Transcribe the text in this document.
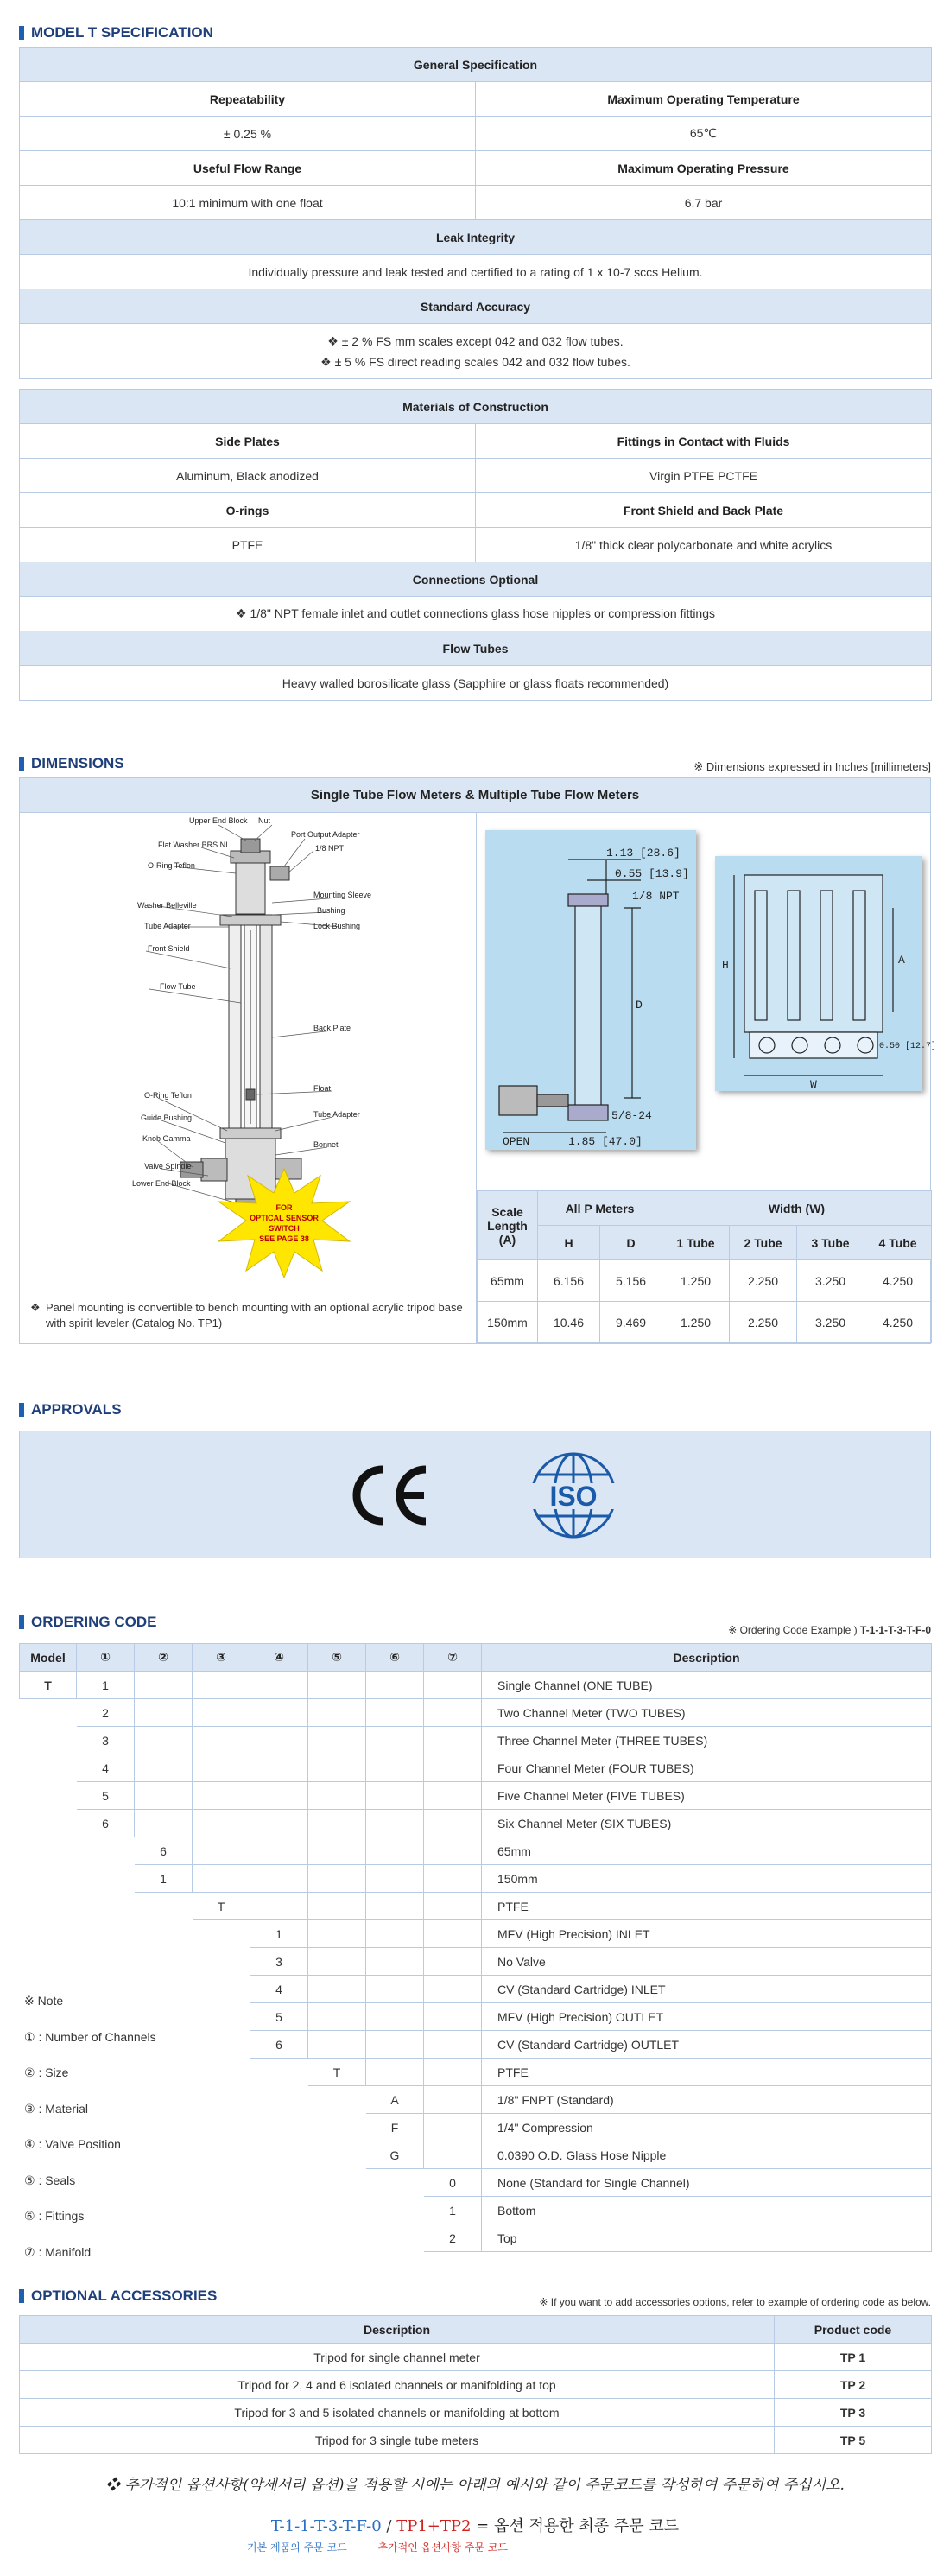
MODEL T SPECIFICATION
General Specification	
Repeatability	Maximum Operating Temperature
± 0.25 %	65℃
Useful Flow Range	Maximum Operating Pressure
10:1 minimum with one float	6.7 bar
Leak Integrity	
Individually pressure and leak tested and certified to a rating of 1 x 10-7 sccs Helium.	
Standard Accuracy	

❖ ± 2 % FS mm scales except 042 and 032 flow tubes.
❖ ± 5 % FS direct reading scales 042 and 032 flow tubes.	
Materials of Construction	
Side Plates	Fittings in Contact with Fluids
Aluminum, Black anodized	Virgin PTFE PCTFE
O-rings	Front Shield and Back Plate
PTFE	1/8" thick clear polycarbonate and white acrylics
Connections Optional	
❖ 1/8" NPT female inlet and outlet connections glass hose nipples or compression fittings	
Flow Tubes	
Heavy walled borosilicate glass (Sapphire or glass floats recommended)	
DIMENSIONS	※ Dimensions expressed in Inches [millimeters]
Single Tube Flow Meters & Multiple Tube Flow Meters
Upper End Block
Flat Washer BRS NI
O-Ring Teflon
Washer Belleville
Tube Adapter
Front Shield
Flow Tube
O-Ring Teflon
Guide Bushing
Knob Gamma
Valve Spindle
Lower End Block
Nut
Port Output Adapter
1/8 NPT
Mounting Sleeve
Bushing
Lock Bushing
Back Plate
Float
Tube Adapter
Bonnet
FOR
OPTICAL SENSOR
SWITCH
SEE PAGE 38
❖ Panel mounting is convertible to bench mounting with an optional acrylic tripod base with spirit leveler (Catalog No. TP1)
1.13 [28.6]
0.55 [13.9]
1/8 NPT
D
5/8-24
OPEN	1.85 [47.0]
H	A
0.50 [12.7]
W
Scale Length (A)	All P Meters		Width (W)			
	H	D	1 Tube	2 Tube	3 Tube	4 Tube
65mm	6.156	5.156	1.250	2.250	3.250	4.250
150mm	10.46	9.469	1.250	2.250	3.250	4.250
APPROVALS
CE
ISO
ORDERING CODE	※ Ordering Code Example ) T-1-1-T-3-T-F-0
Model	①	②	③	④	⑤	⑥	⑦	Description
T	1							Single Channel (ONE TUBE)
	2							Two Channel Meter (TWO TUBES)
	3							Three Channel Meter (THREE TUBES)
	4							Four Channel Meter (FOUR TUBES)
	5							Five Channel Meter (FIVE TUBES)
	6							Six Channel Meter (SIX TUBES)
		6						65mm
		1						150mm
			T					PTFE
				1				MFV (High Precision) INLET
				3				No Valve
				4				CV (Standard Cartridge) INLET
				5				MFV (High Precision) OUTLET
				6				CV (Standard Cartridge) OUTLET
					T			PTFE
						A		1/8" FNPT (Standard)
						F		1/4" Compression
						G		0.0390 O.D. Glass Hose Nipple
							0	None (Standard for Single Channel)
							1	Bottom
							2	Top
※ Note
① : Number of Channels
② : Size
③ : Material
④ : Valve Position
⑤ : Seals
⑥ : Fittings
⑦ : Manifold
OPTIONAL ACCESSORIES	※ If you want to add accessories options, refer to example of ordering code as below.
Description	Product code
Tripod for single channel meter	TP 1
Tripod for 2, 4 and 6 isolated channels or manifolding at top	TP 2
Tripod for 3 and 5 isolated channels or manifolding at bottom	TP 3
Tripod for 3 single tube meters	TP 5
❖ 추가적인 옵션사항(악세서리 옵션)을 적용할 시에는 아래의 예시와 같이 주문코드를 작성하여 주문하여 주십시오.
T-1-1-T-3-T-F-0 / TP1+TP2 = 옵션 적용한 최종 주문 코드
기본 제품의 주문 코드	추가적인 옵션사항 주문 코드
